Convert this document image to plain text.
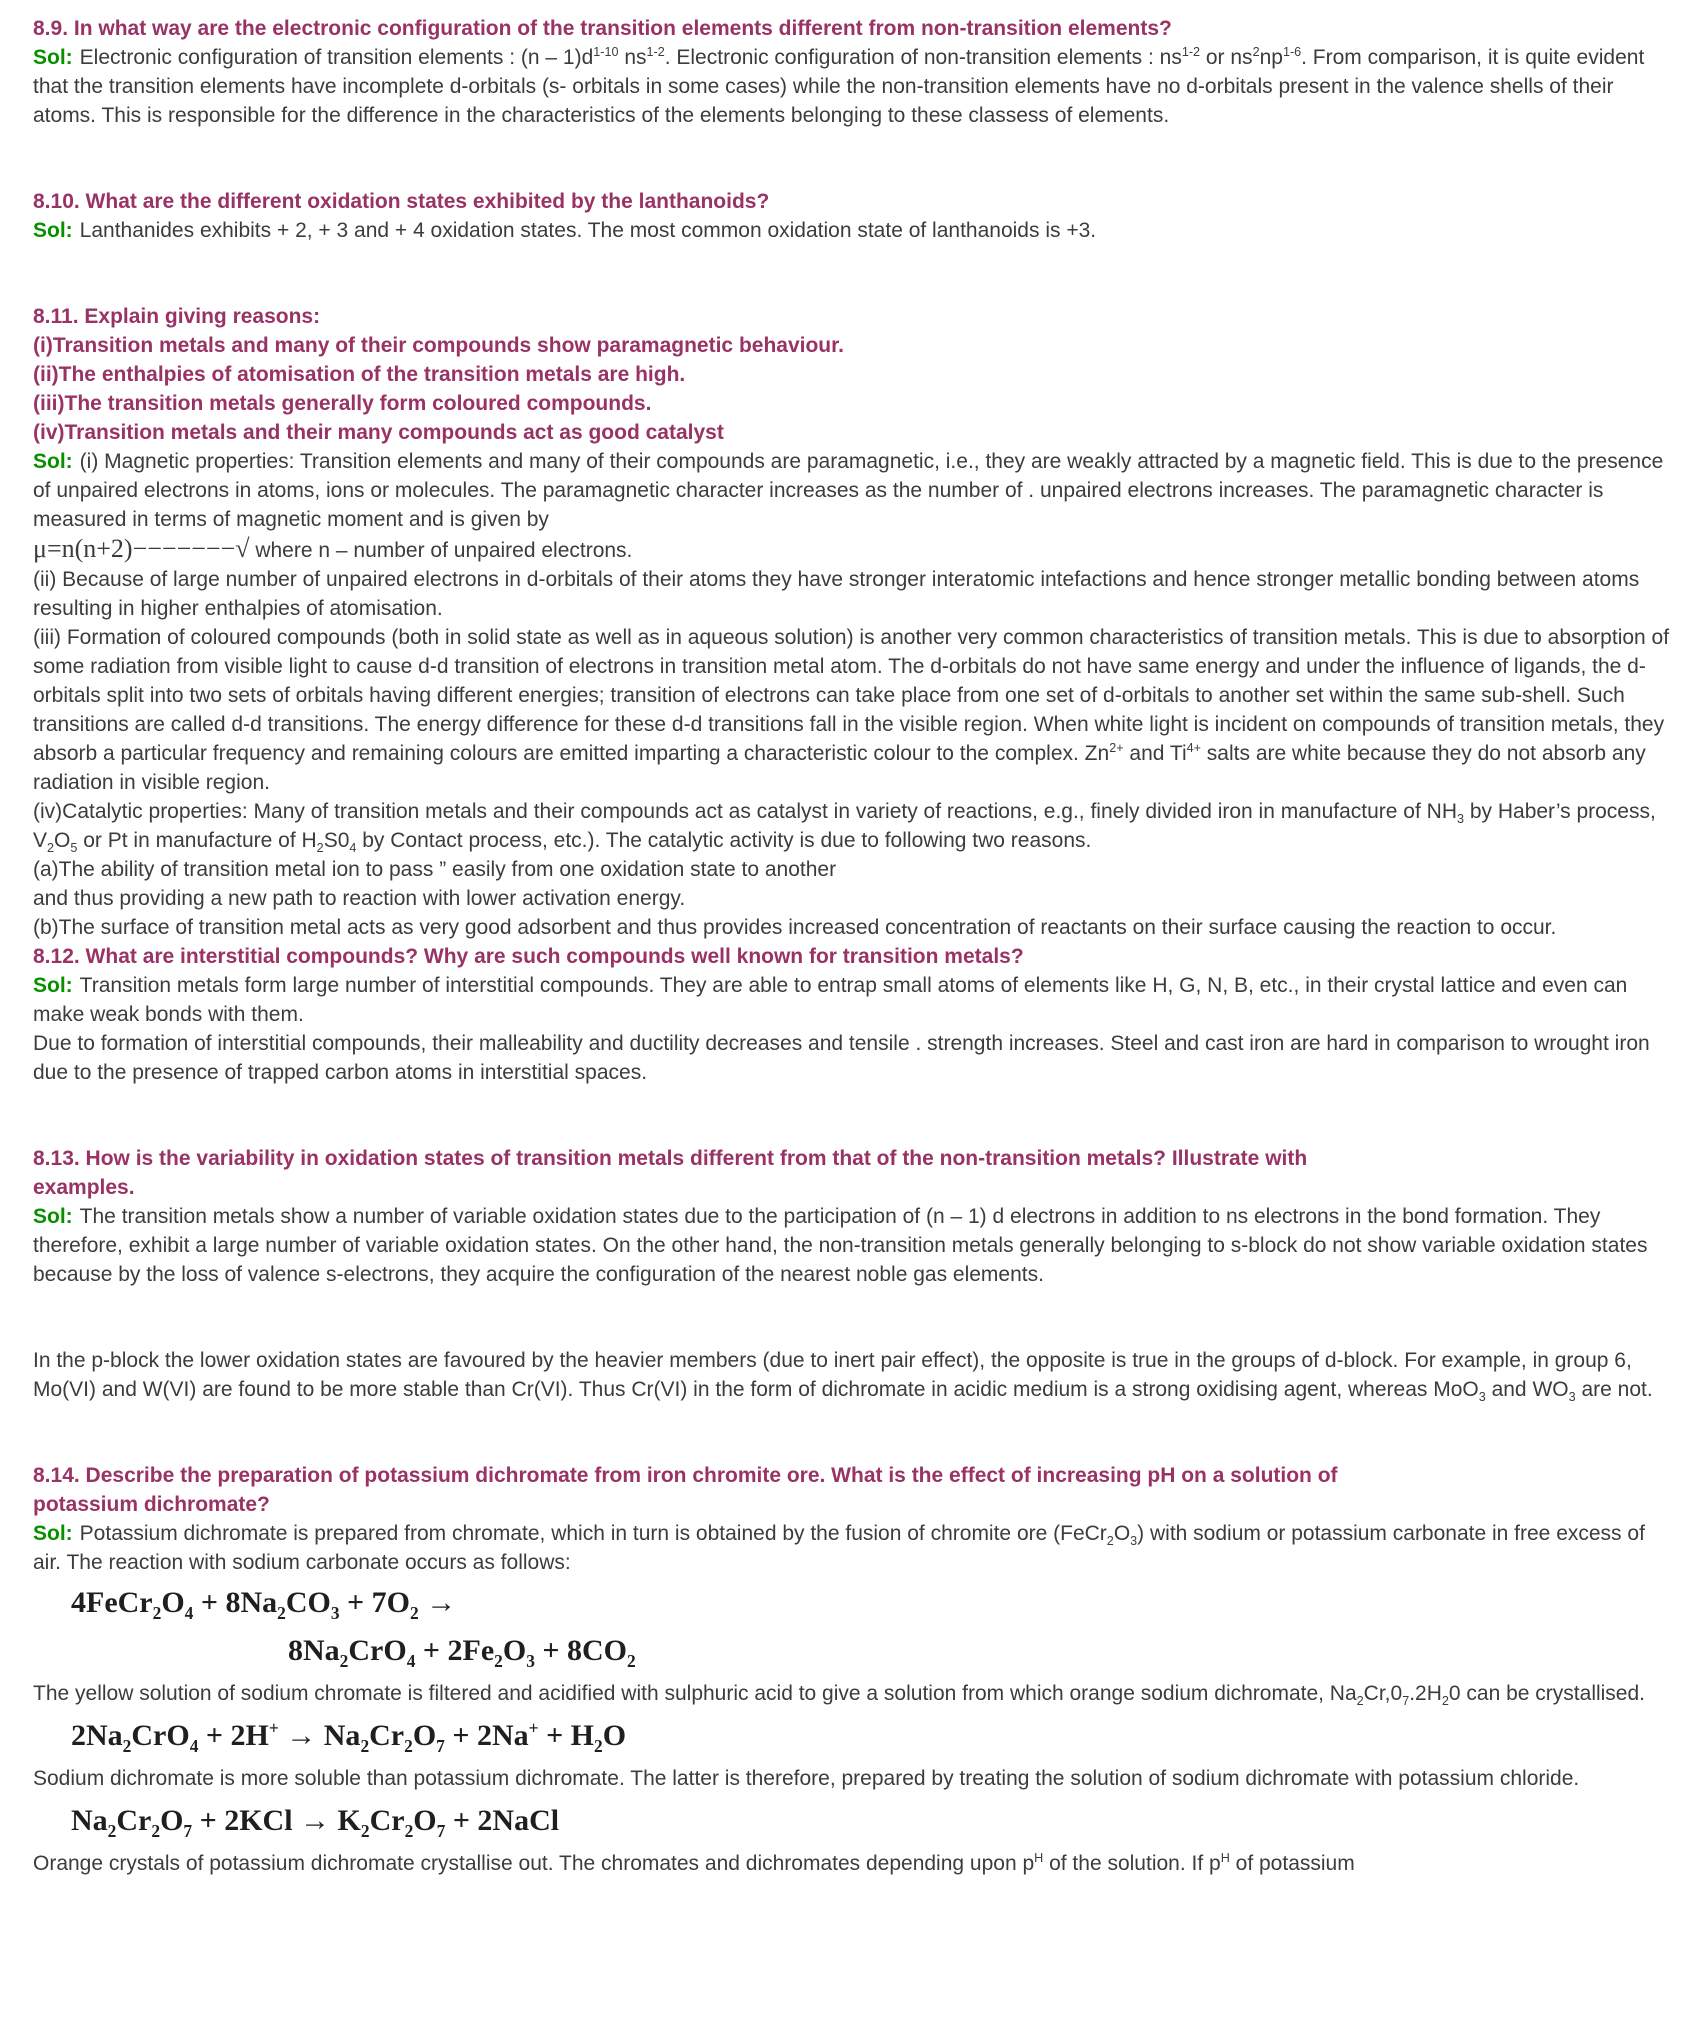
8.9. In what way are the electronic configuration of the transition elements different from non-transition elements?

Sol: Electronic configuration of transition elements : $(n - 1)d^{1-10}$ $ns^{1-2}$. Electronic configuration of non-transition elements : $ns^{1-2}$ or $ns^2np^{1-6}$. From comparison, it is quite evident that the transition elements have incomplete d-orbitals (s- orbitals in some cases) while the non-transition elements have no d-orbitals present in the valence shells of their atoms. This is responsible for the difference in the characteristics of the elements belonging to these classess of elements.

8.10. What are the different oxidation states exhibited by the lanthanoids?

Sol: Lanthanides exhibits + 2, + 3 and + 4 oxidation states. The most common oxidation state of lanthanoids is +3.

8.11. Explain giving reasons:

(i)Transition metals and many of their compounds show paramagnetic behaviour.

(ii)The enthalpies of atomisation of the transition metals are high.

(iii)The transition metals generally form coloured compounds.

(iv)Transition metals and their many compounds act as good catalyst

Sol: (i) Magnetic properties: Transition elements and many of their compounds are paramagnetic, i.e., they are weakly attracted by a magnetic field. This is due to the presence of unpaired electrons in atoms, ions or molecules. The paramagnetic character increases as the number of . unpaired electrons increases. The paramagnetic character is measured in terms of magnetic moment and is given by

μ=n(n+2)−−−−−−−√ where n – number of unpaired electrons.

(ii) Because of large number of unpaired electrons in d-orbitals of their atoms they have stronger interatomic intefactions and hence stronger metallic bonding between atoms resulting in higher enthalpies of atomisation.

(iii) Formation of coloured compounds (both in solid state as well as in aqueous solution) is another very common characteristics of transition metals. This is due to absorption of some radiation from visible light to cause d-d transition of electrons in transition metal atom. The d-orbitals do not have same energy and under the influence of ligands, the d-orbitals split into two sets of orbitals having different energies; transition of electrons can take place from one set of d-orbitals to another set within the same sub-shell. Such transitions are called d-d transitions. The energy difference for these d-d transitions fall in the visible region. When white light is incident on compounds of transition metals, they absorb a particular frequency and remaining colours are emitted imparting a characteristic colour to the complex. $Zn^{2+}$ and $Ti^{4+}$ salts are white because they do not absorb any radiation in visible region.

(iv)Catalytic properties: Many of transition metals and their compounds act as catalyst in variety of reactions, e.g., finely divided iron in manufacture of $NH_3$ by Haber’s process, $V_2O_5$ or Pt in manufacture of $H_2S0_4$ by Contact process, etc.). The catalytic activity is due to following two reasons.

(a)The ability of transition metal ion to pass ” easily from one oxidation state to another

and thus providing a new path to reaction with lower activation energy.

(b)The surface of transition metal acts as very good adsorbent and thus provides increased concentration of reactants on their surface causing the reaction to occur.

8.12. What are interstitial compounds? Why are such compounds well known for transition metals?

Sol: Transition metals form large number of interstitial compounds. They are able to entrap small atoms of elements like H, G, N, B, etc., in their crystal lattice and even can make weak bonds with them.

Due to formation of interstitial compounds, their malleability and ductility decreases and tensile . strength increases. Steel and cast iron are hard in comparison to wrought iron due to the presence of trapped carbon atoms in interstitial spaces.

8.13. How is the variability in oxidation states of transition metals different from that of the non-transition metals? Illustrate with

examples.

Sol: The transition metals show a number of variable oxidation states due to the participation of (n – 1) d electrons in addition to ns electrons in the bond formation. They therefore, exhibit a large number of variable oxidation states. On the other hand, the non-transition metals generally belonging to s-block do not show variable oxidation states because by the loss of valence s-electrons, they acquire the configuration of the nearest noble gas elements.

In the p-block the lower oxidation states are favoured by the heavier members (due to inert pair effect), the opposite is true in the groups of d-block. For example, in group 6, Mo(VI) and W(VI) are found to be more stable than Cr(VI). Thus Cr(VI) in the form of dichromate in acidic medium is a strong oxidising agent, whereas MoO$_3$ and $WO_3$ are not.

8.14. Describe the preparation of potassium dichromate from iron chromite ore. What is the effect of increasing pH on a solution of

potassium dichromate?

Sol: Potassium dichromate is prepared from chromate, which in turn is obtained by the fusion of chromite ore $(FeCr_2O_3)$ with sodium or potassium carbonate in free excess of air. The reaction with sodium carbonate occurs as follows:

$4FeCr_2O_4 + 8Na_2CO_3 + 7O_2$ →
$8Na_2CrO_4 + 2Fe_2O_3 + 8CO_2$

The yellow solution of sodium chromate is filtered and acidified with sulphuric acid to give a solution from which orange sodium dichromate, $Na_2Cr,0_7.2H_20$ can be crystallised.

$2Na_2CrO_4 + 2H^+ \to Na_2Cr_2O_7 + 2Na^+ + H_2O$

Sodium dichromate is more soluble than potassium dichromate. The latter is therefore, prepared by treating the solution of sodium dichromate with potassium chloride.

$Na_2Cr_2O_7 + 2KCl \to K_2Cr_2O_7$ + 2NaCl

Orange crystals of potassium dichromate crystallise out. The chromates and dichromates depending upon $p^H$ of the solution. If $p^H$ of potassium
